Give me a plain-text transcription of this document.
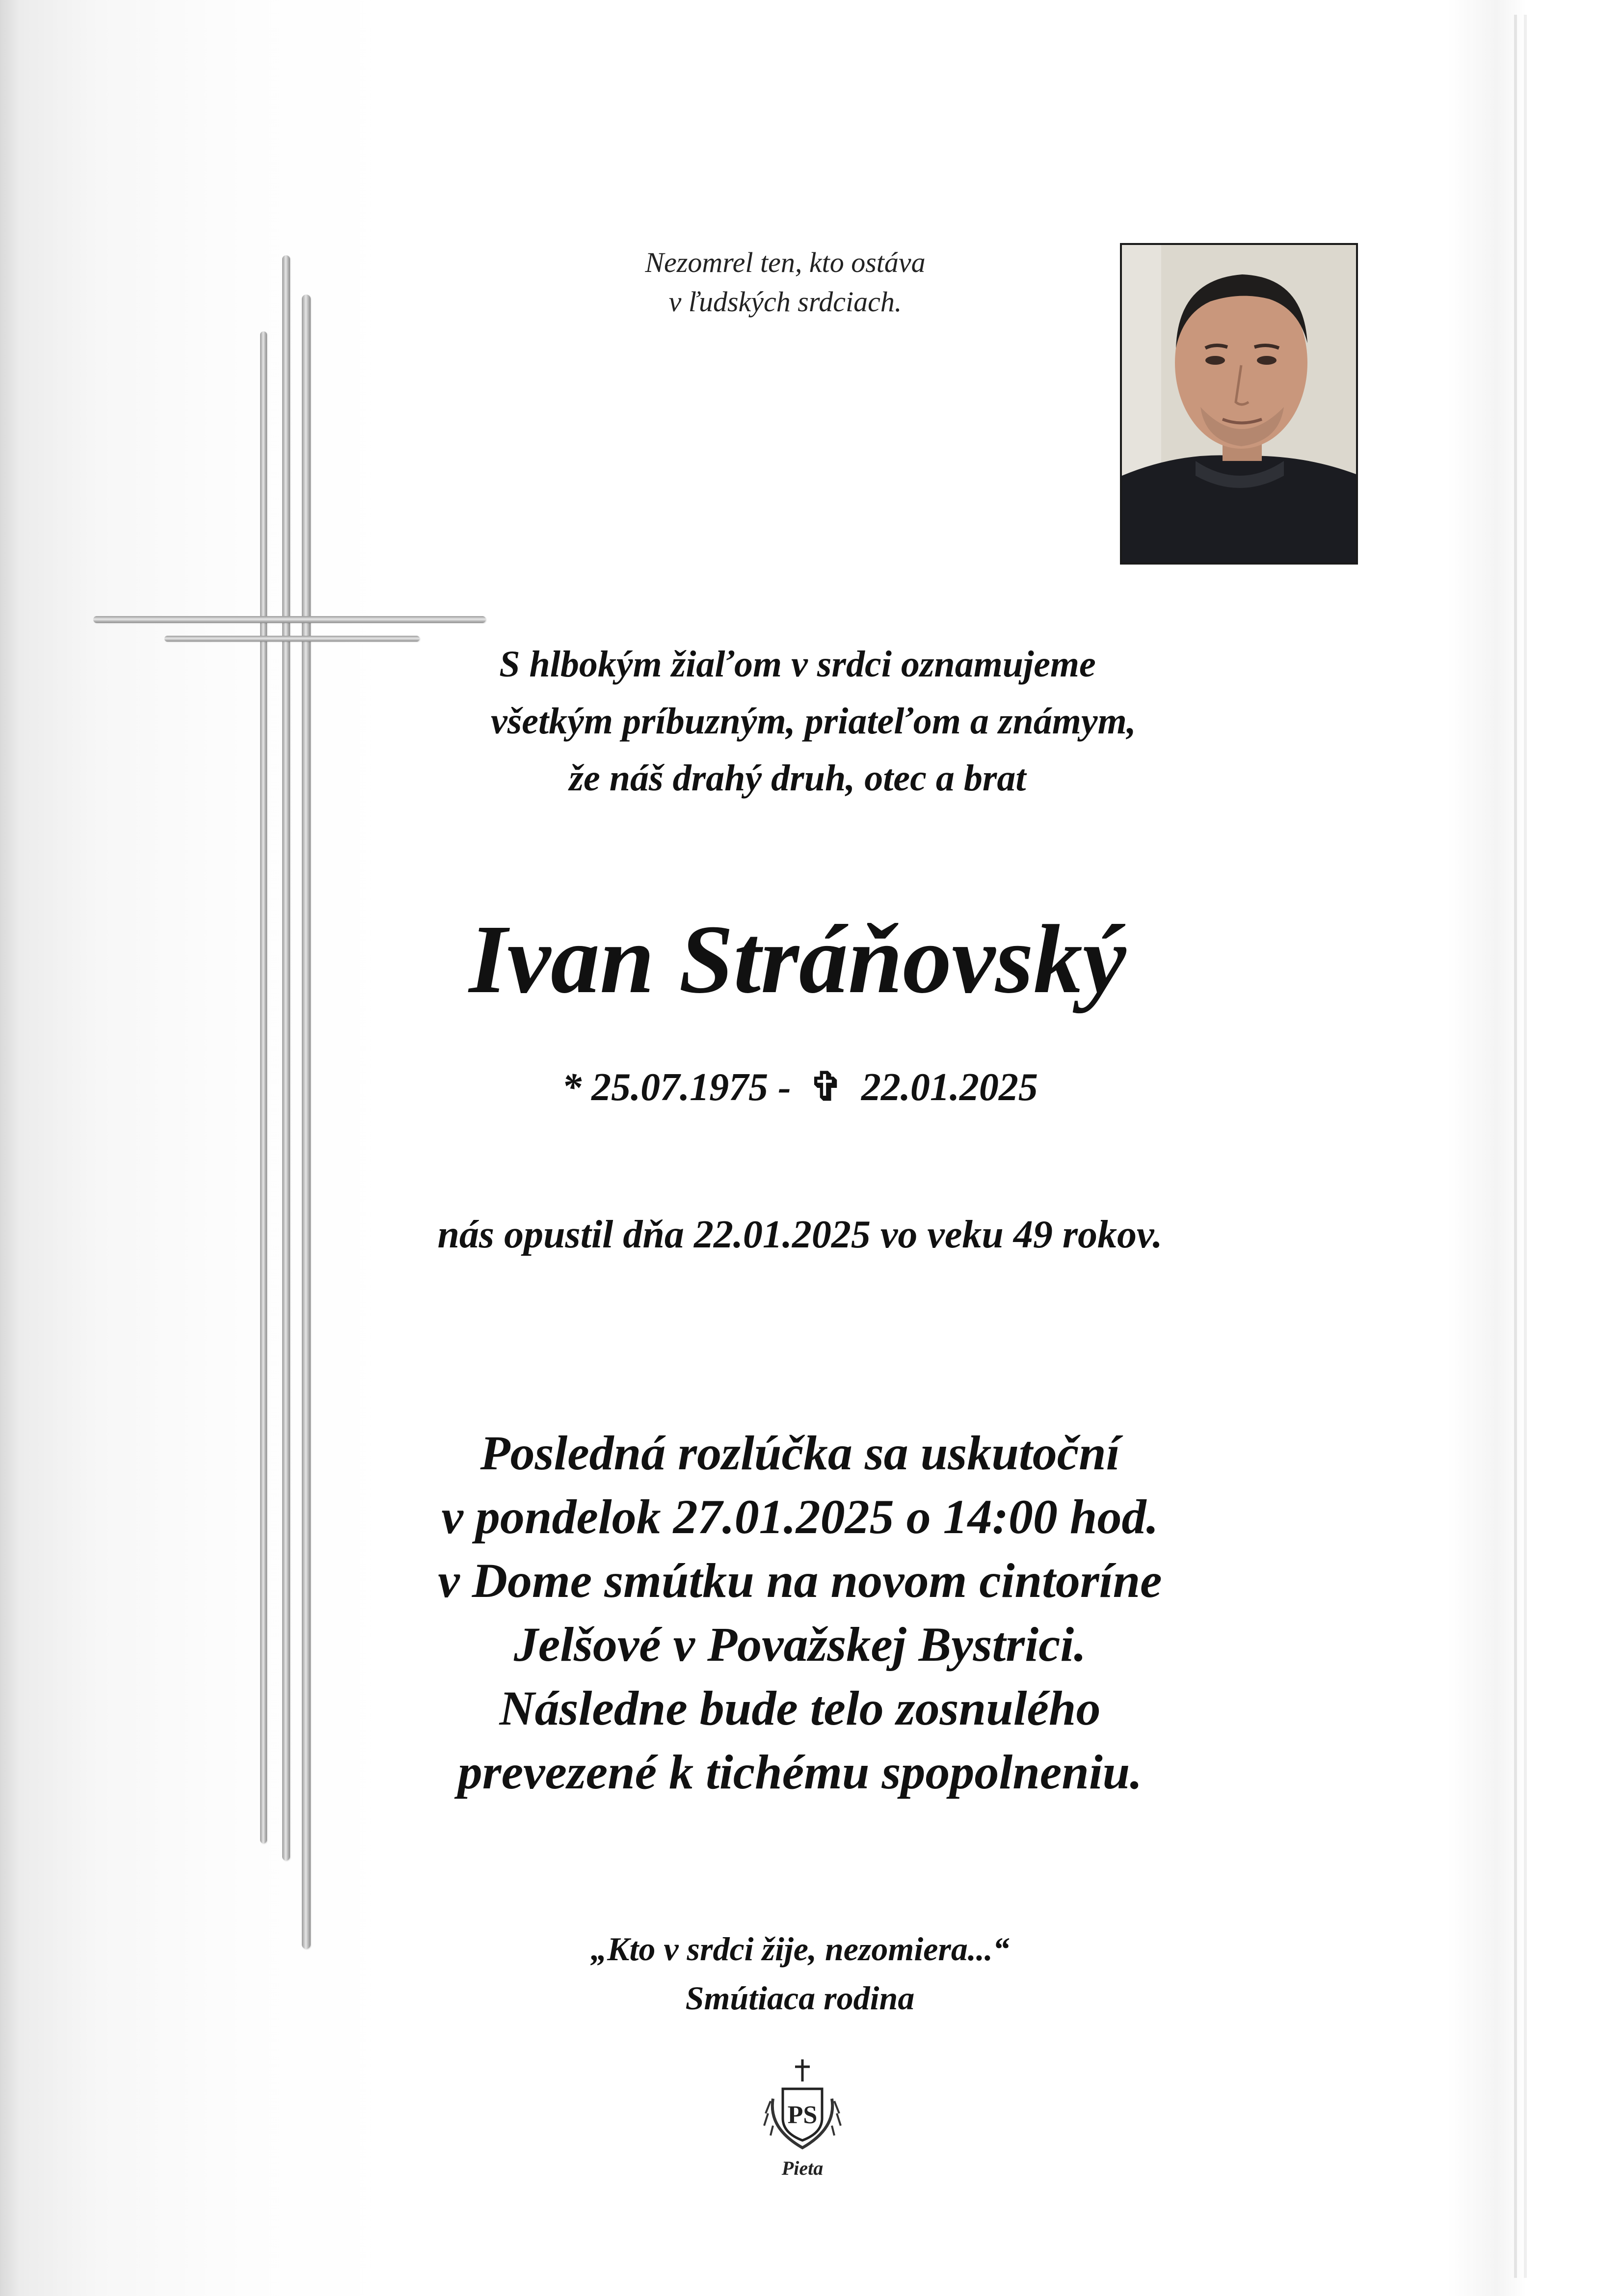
Nezomrel ten, kto ostáva
v ľudských srdciach.
S hlbokým žiaľom v srdci oznamujeme
všetkým príbuzným, priateľom a známym,
že náš drahý druh, otec a brat
Ivan Stráňovský
* 25.07.1975 - ✞ 22.01.2025
nás opustil dňa 22.01.2025 vo veku 49 rokov.
Posledná rozlúčka sa uskutoční
v pondelok 27.01.2025 o 14:00 hod.
v Dome smútku na novom cintoríne
Jelšové v Považskej Bystrici.
Následne bude telo zosnulého
prevezené k tichému spopolneniu.
„Kto v srdci žije, nezomiera...“
Smútiaca rodina
PS
Pieta
